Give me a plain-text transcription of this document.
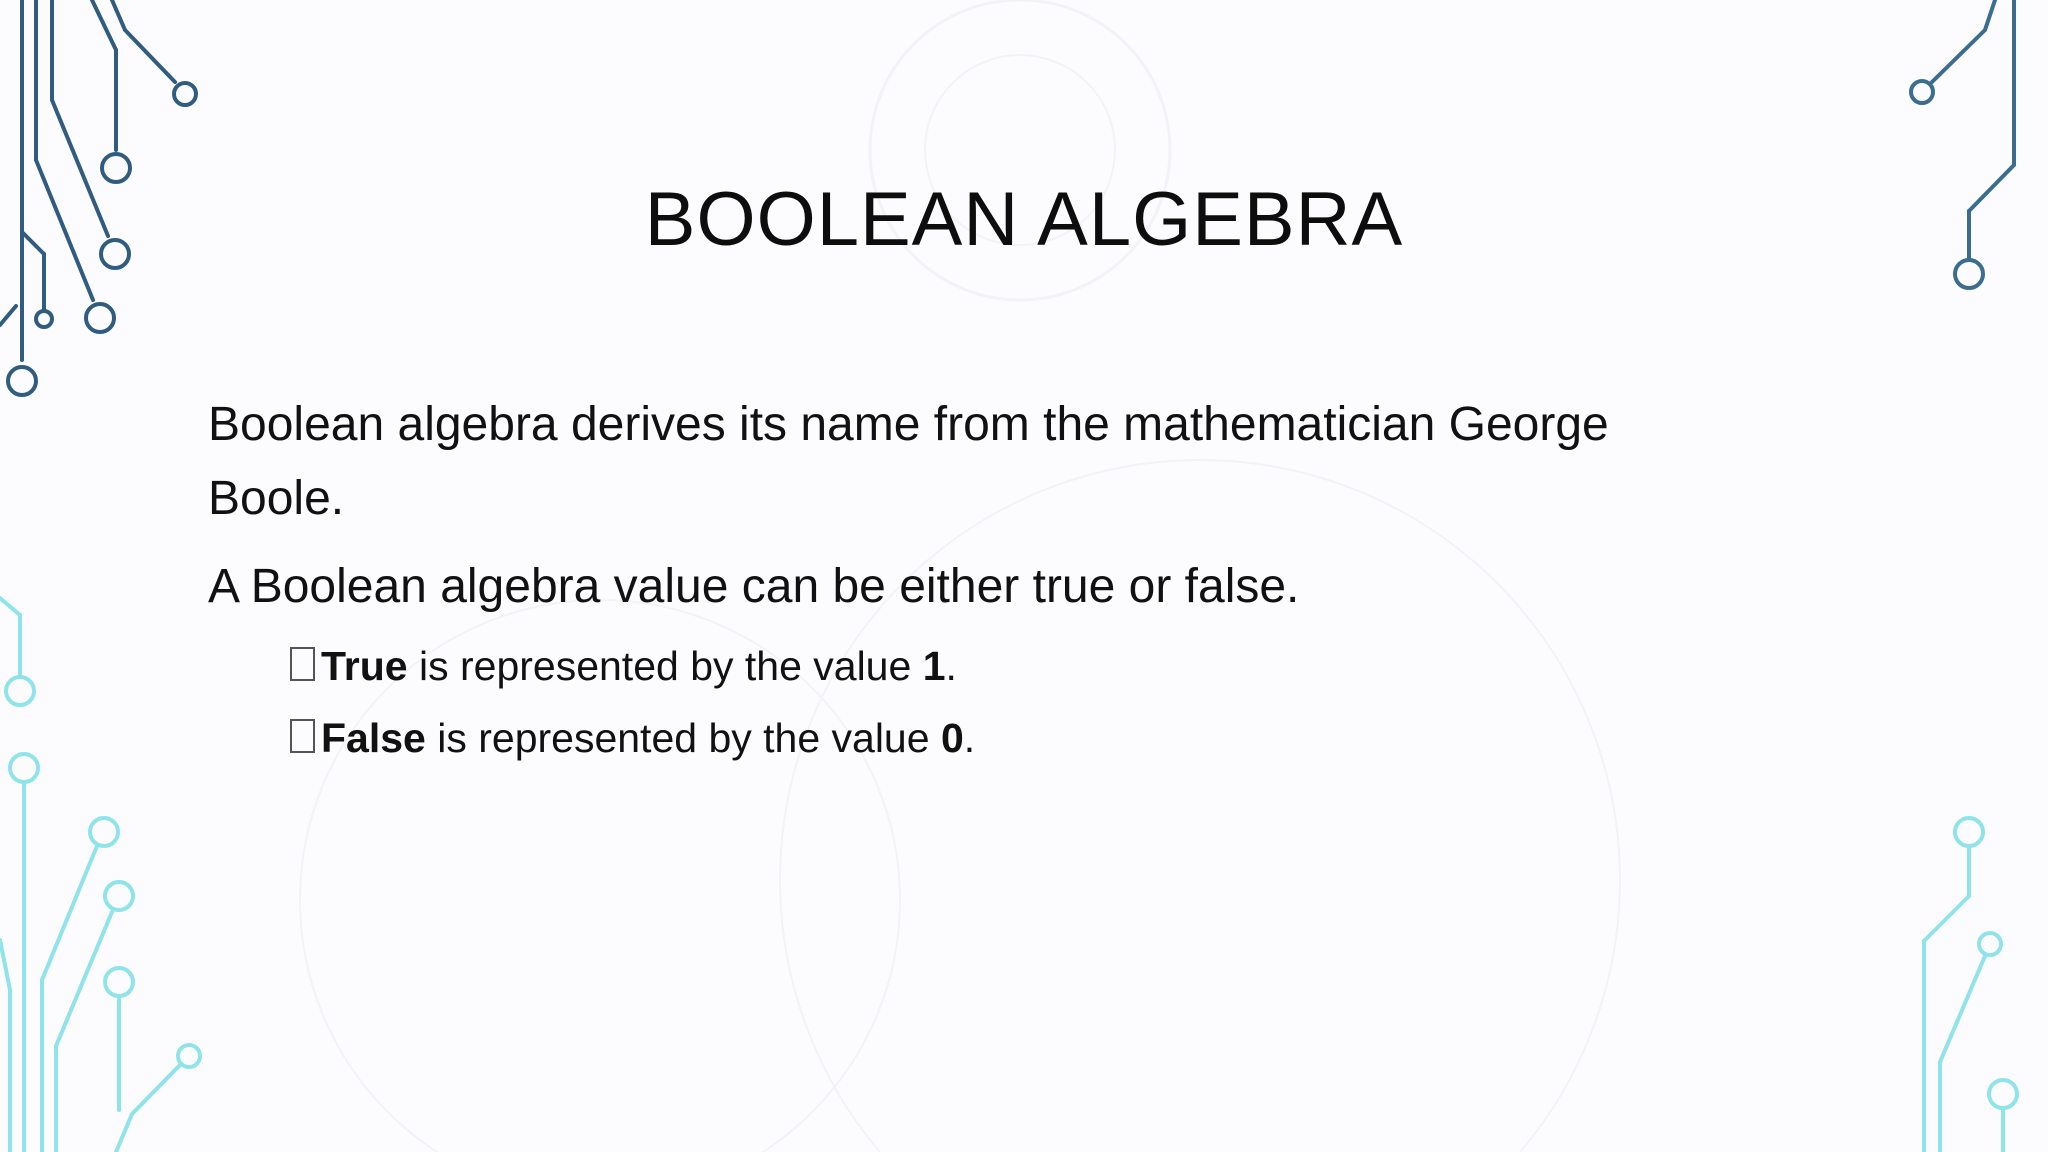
BOOLEAN ALGEBRA

Boolean algebra derives its name from the mathematician George Boole.

A Boolean algebra value can be either true or false.

True is represented by the value 1.
False is represented by the value 0.
